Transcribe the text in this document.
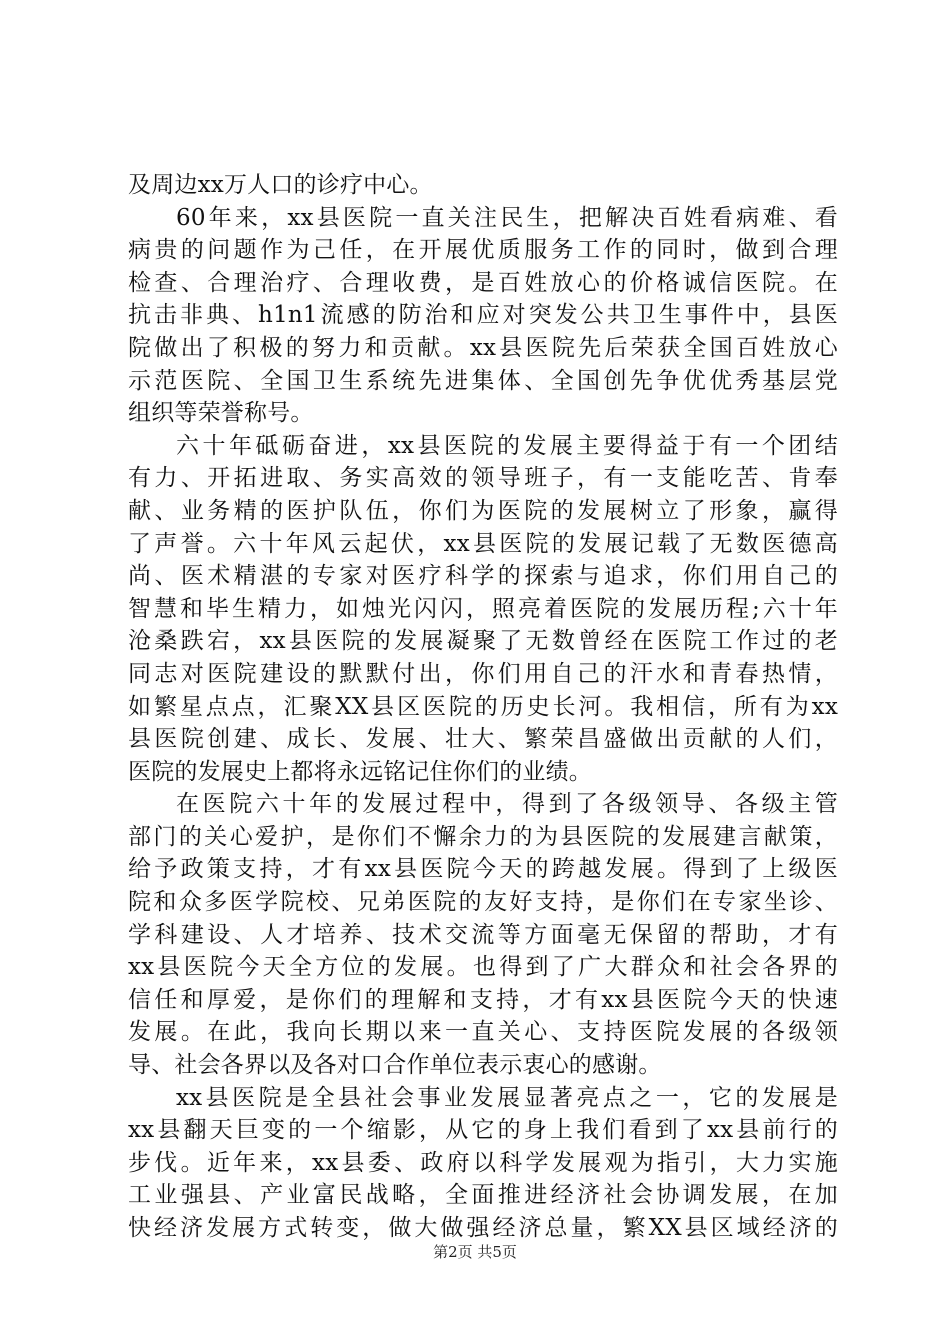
及周边xx万人口的诊疗中心。
60年来，xx县医院一直关注民生，把解决百姓看病难、看
病贵的问题作为己任，在开展优质服务工作的同时，做到合理
检查、合理治疗、合理收费，是百姓放心的价格诚信医院。在
抗击非典、h1n1流感的防治和应对突发公共卫生事件中，县医
院做出了积极的努力和贡献。xx县医院先后荣获全国百姓放心
示范医院、全国卫生系统先进集体、全国创先争优优秀基层党
组织等荣誉称号。
六十年砥砺奋进，xx县医院的发展主要得益于有一个团结
有力、开拓进取、务实高效的领导班子，有一支能吃苦、肯奉
献、业务精的医护队伍，你们为医院的发展树立了形象，赢得
了声誉。六十年风云起伏，xx县医院的发展记载了无数医德高
尚、医术精湛的专家对医疗科学的探索与追求，你们用自己的
智慧和毕生精力，如烛光闪闪，照亮着医院的发展历程;六十年
沧桑跌宕，xx县医院的发展凝聚了无数曾经在医院工作过的老
同志对医院建设的默默付出，你们用自己的汗水和青春热情，
如繁星点点，汇聚XX县区医院的历史长河。我相信，所有为xx
县医院创建、成长、发展、壮大、繁荣昌盛做出贡献的人们，
医院的发展史上都将永远铭记住你们的业绩。
在医院六十年的发展过程中，得到了各级领导、各级主管
部门的关心爱护，是你们不懈余力的为县医院的发展建言献策，
给予政策支持，才有xx县医院今天的跨越发展。得到了上级医
院和众多医学院校、兄弟医院的友好支持，是你们在专家坐诊、
学科建设、人才培养、技术交流等方面毫无保留的帮助，才有
xx县医院今天全方位的发展。也得到了广大群众和社会各界的
信任和厚爱，是你们的理解和支持，才有xx县医院今天的快速
发展。在此，我向长期以来一直关心、支持医院发展的各级领
导、社会各界以及各对口合作单位表示衷心的感谢。
xx县医院是全县社会事业发展显著亮点之一，它的发展是
xx县翻天巨变的一个缩影，从它的身上我们看到了xx县前行的
步伐。近年来，xx县委、政府以科学发展观为指引，大力实施
工业强县、产业富民战略，全面推进经济社会协调发展，在加
快经济发展方式转变，做大做强经济总量，繁XX县区域经济的
第2页 共5页
